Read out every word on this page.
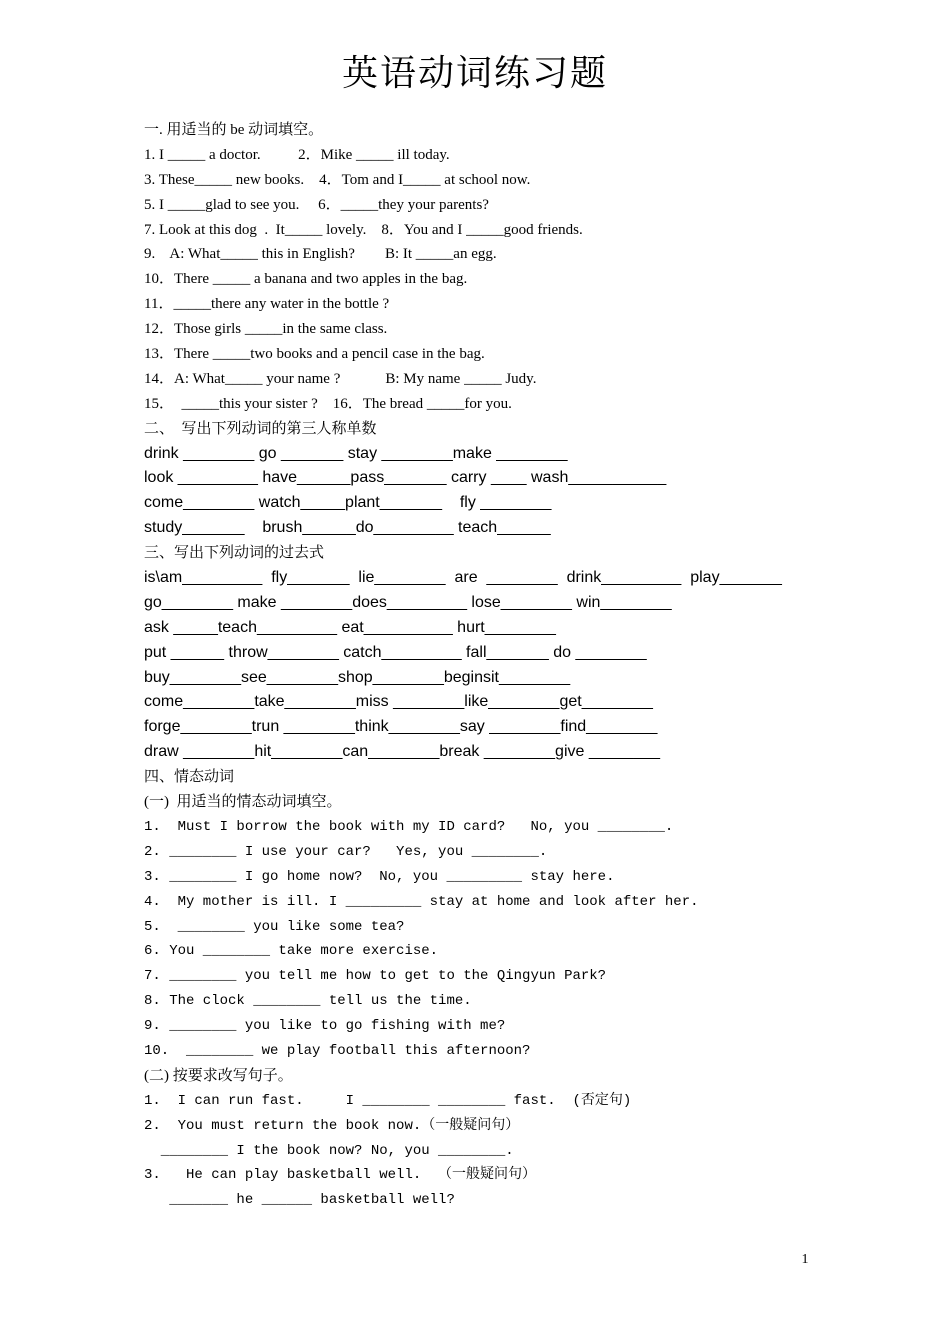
英语动词练习题
一. 用适当的 be 动词填空。
1. I _____ a doctor.          2．Mike _____ ill today.
3. These_____ new books.    4．Tom and I_____ at school now.
5. I _____glad to see you.     6．_____they your parents?
7. Look at this dog  .  It_____ lovely.    8．You and I _____good friends.
9.    A: What_____ this in English?        B: It _____an egg.
10．There _____ a banana and two apples in the bag.
11．_____there any water in the bottle ?
12．Those girls _____in the same class.
13．There _____two books and a pencil case in the bag.
14．A: What_____ your name ?            B: My name _____ Judy.
15．  _____this your sister ?    16．The bread _____for you.
二、  写出下列动词的第三人称单数
drink ________ go _______ stay ________make ________
look _________ have______pass_______ carry ____ wash___________
come________ watch_____plant_______    fly ________
study_______    brush______do_________ teach______
三、写出下列动词的过去式
is\am_________  fly_______  lie________  are  ________  drink_________  play_______
go________ make ________does_________ lose________ win________
ask _____teach_________ eat__________ hurt________
put ______ throw________ catch_________ fall_______ do ________
buy________see________shop________beginsit________
come________take________miss ________like________get________
forge________trun ________think________say ________find________
draw ________hit________can________break ________give ________
四、情态动词
(一)  用适当的情态动词填空。
1.  Must I borrow the book with my ID card?   No, you ________.
2. ________ I use your car?   Yes, you ________.
3. ________ I go home now?  No, you _________ stay here.
4.  My mother is ill. I _________ stay at home and look after her.
5.  ________ you like some tea?
6. You ________ take more exercise.
7. ________ you tell me how to get to the Qingyun Park?
8. The clock ________ tell us the time.
9. ________ you like to go fishing with me?
10.  ________ we play football this afternoon?
(二) 按要求改写句子。
1.  I can run fast.     I ________ ________ fast.  (否定句)
2.  You must return the book now.（一般疑问句）
________ I the book now? No, you ________.
3.   He can play basketball well.  （一般疑问句）
_______ he ______ basketball well?
1
